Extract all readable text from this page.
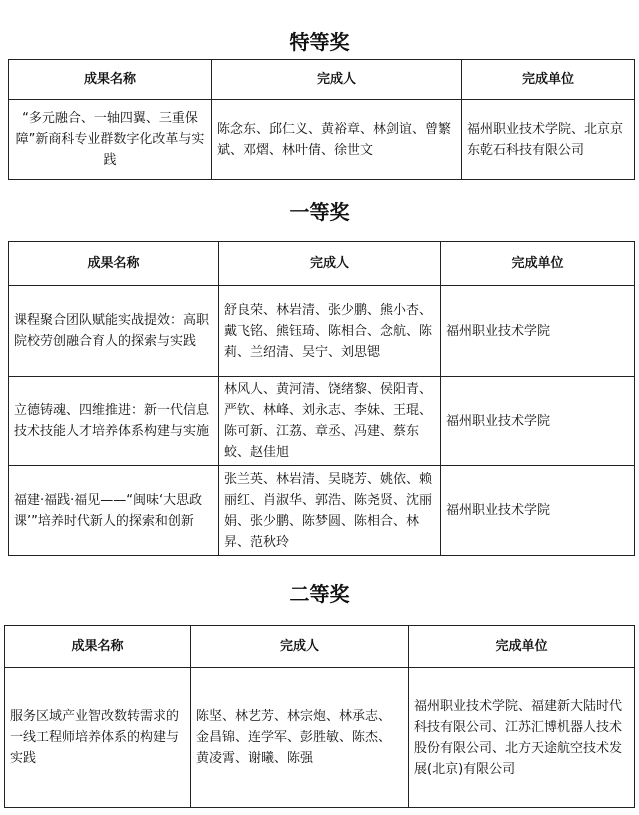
特等奖
成果名称	完成人	完成单位
“多元融合、一轴四翼、三重保障”新商科专业群数字化改革与实践	陈念东、邱仁义、黄裕章、林剑谊、曾繁斌、邓熠、林叶倩、徐世文	福州职业技术学院、北京京东乾石科技有限公司
一等奖
成果名称	完成人	完成单位
课程聚合团队赋能实战提效：高职院校劳创融合育人的探索与实践	舒良荣、林岩清、张少鹏、熊小杏、戴飞铭、熊钰琦、陈相合、念航、陈莉、兰绍清、吴宁、刘思锶	福州职业技术学院
立德铸魂、四维推进：新一代信息技术技能人才培养体系构建与实施	林风人、黄河清、饶绪黎、侯阳青、严钦、林峰、刘永志、李妹、王琨、陈可新、江荔、章丞、冯建、蔡东蛟、赵佳旭	福州职业技术学院
福建·福践·福见——“闽味‘大思政课’”培养时代新人的探索和创新	张兰英、林岩清、吴晓芳、姚依、赖丽红、肖淑华、郭浩、陈尧贤、沈丽娟、张少鹏、陈梦圆、陈相合、林昇、范秋玲	福州职业技术学院
二等奖
成果名称	完成人	完成单位
服务区域产业智改数转需求的一线工程师培养体系的构建与实践	陈坚、林艺芳、林宗炮、林承志、金昌锦、连学军、彭胜敏、陈杰、黄凌霄、谢曦、陈强	福州职业技术学院、福建新大陆时代科技有限公司、江苏汇博机器人技术股份有限公司、北方天途航空技术发展(北京)有限公司
